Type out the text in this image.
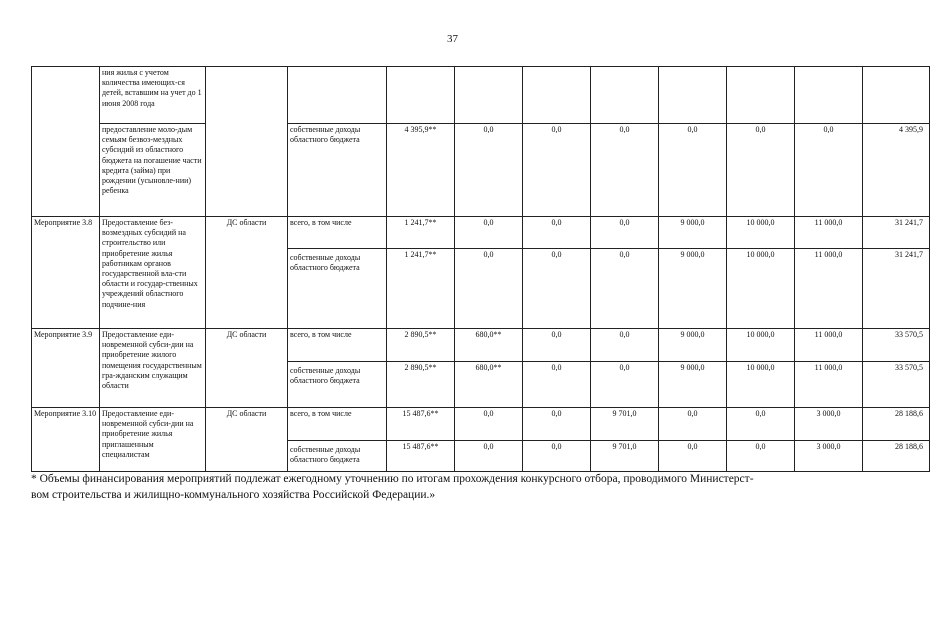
37
	ния жилья с учетом количества имеющих-ся детей, вставшим на учет до 1 июня 2008 года										
	предоставление моло-дым семьям безвоз-мездных субсидий из областного бюджета на погашение части кредита (займа) при рождении (усыновле-нии) ребенка		собственные доходы областного бюджета	4 395,9**	0,0	0,0	0,0	0,0	0,0	0,0	4 395,9
Мероприятие 3.8	Предоставление без-возмездных субсидий на строительство или приобретение жилья работникам органов государственной вла-сти области и государ-ственных учреждений областного подчине-ния	ДС области	всего, в том числе	1 241,7**	0,0	0,0	0,0	9 000,0	10 000,0	11 000,0	31 241,7
			собственные доходы областного бюджета	1 241,7**	0,0	0,0	0,0	9 000,0	10 000,0	11 000,0	31 241,7
Мероприятие 3.9	Предоставление еди-новременной субси-дии на приобретение жилого помещения государственным гра-жданским служащим области	ДС области	всего, в том числе	2 890,5**	680,0**	0,0	0,0	9 000,0	10 000,0	11 000,0	33 570,5
			собственные доходы областного бюджета	2 890,5**	680,0**	0,0	0,0	9 000,0	10 000,0	11 000,0	33 570,5
Мероприятие 3.10	Предоставление еди-новременной субси-дии на приобретение жилья приглашенным специалистам	ДС области	всего, в том числе	15 487,6**	0,0	0,0	9 701,0	0,0	0,0	3 000,0	28 188,6
			собственные доходы областного бюджета	15 487,6**	0,0	0,0	9 701,0	0,0	0,0	3 000,0	28 188,6

* Объемы финансирования мероприятий подлежат ежегодному уточнению по итогам прохождения конкурсного отбора, проводимого Министерст-

вом строительства и жилищно-коммунального хозяйства Российской Федерации.»
